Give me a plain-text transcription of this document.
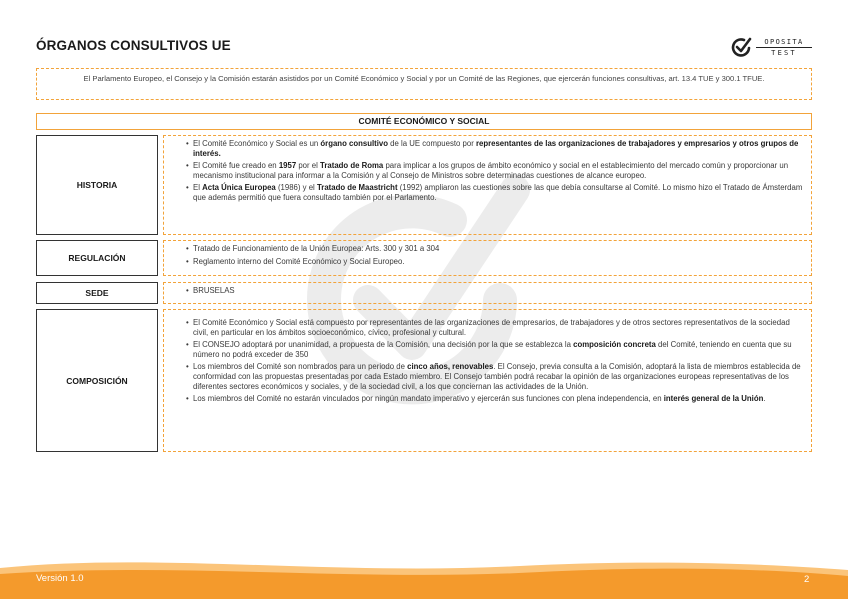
ÓRGANOS CONSULTIVOS UE	OPOSITA
TEST
El Parlamento Europeo, el Consejo y la Comisión estarán asistidos por un Comité Económico y Social y por un Comité de las Regiones, que ejercerán funciones consultivas, art. 13.4 TUE y 300.1 TFUE.
COMITÉ ECONÓMICO Y SOCIAL
HISTORIA
• El Comité Económico y Social es un órgano consultivo de la UE compuesto por representantes de las organizaciones de trabajadores y empresarios y otros grupos de interés.
• El Comité fue creado en 1957 por el Tratado de Roma para implicar a los grupos de ámbito económico y social en el establecimiento del mercado común y proporcionar un mecanismo institucional para informar a la Comisión y al Consejo de Ministros sobre determinadas cuestiones de alcance europeo.
• El Acta Única Europea (1986) y el Tratado de Maastricht (1992) ampliaron las cuestiones sobre las que debía consultarse al Comité. Lo mismo hizo el Tratado de Ámsterdam que además permitió que fuera consultado también por el Parlamento.
REGULACIÓN
• Tratado de Funcionamiento de la Unión Europea: Arts. 300 y 301 a 304
• Reglamento interno del Comité Económico y Social Europeo.
SEDE
•	BRUSELAS
COMPOSICIÓN
• El Comité Económico y Social está compuesto por representantes de las organizaciones de empresarios, de trabajadores y de otros sectores representativos de la sociedad civil, en particular en los ámbitos socioeconómico, cívico, profesional y cultural.
• El CONSEJO adoptará por unanimidad, a propuesta de la Comisión, una decisión por la que se establezca la composición concreta del Comité, teniendo en cuenta que su número no podrá exceder de 350
• Los miembros del Comité son nombrados para un periodo de cinco años, renovables. El Consejo, previa consulta a la Comisión, adoptará la lista de miembros establecida de conformidad con las propuestas presentadas por cada Estado miembro. El Consejo también podrá recabar la opinión de las organizaciones europeas representativas de los diferentes sectores económicos y sociales, y de la sociedad civil, a los que conciernan las actividades de la Unión.
• Los miembros del Comité no estarán vinculados por ningún mandato imperativo y ejercerán sus funciones con plena independencia, en interés general de la Unión.
Versión 1.0	2
